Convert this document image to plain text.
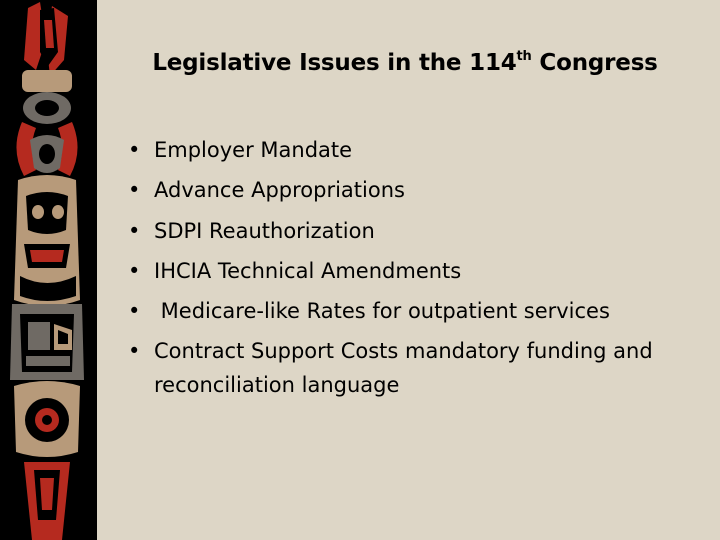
Legislative Issues in the 114th Congress
• Employer Mandate
• Advance Appropriations
• SDPI Reauthorization
• IHCIA Technical Amendments
• Medicare-like Rates for outpatient services
• Contract Support Costs mandatory funding and reconciliation language
